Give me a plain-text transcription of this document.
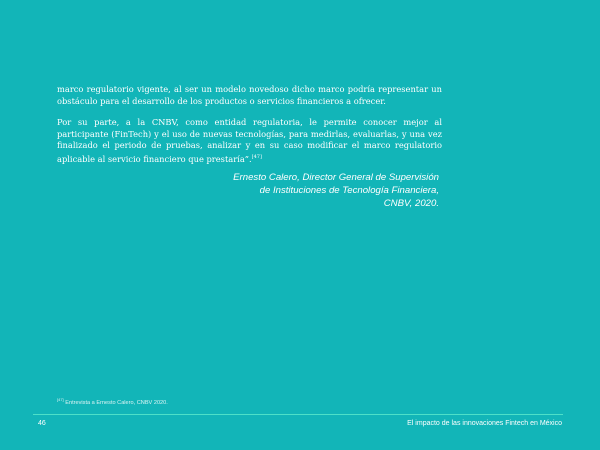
marco regulatorio vigente, al ser un modelo novedoso dicho marco podría representar un obstáculo para el desarrollo de los productos o servicios financieros a ofrecer.

Por su parte, a la CNBV, como entidad regulatoria, le permite conocer mejor al participante (FinTech) y el uso de nuevas tecnologías, para medirlas, evaluarlas, y una vez finalizado el periodo de pruebas, analizar y en su caso modificar el marco regulatorio aplicable al servicio financiero que prestaría”.[47]

Ernesto Calero, Director General de Supervisión
de Instituciones de Tecnología Financiera,
CNBV, 2020.
[47] Entrevista a Ernesto Calero, CNBV 2020.
46	El impacto de las innovaciones Fintech en México
